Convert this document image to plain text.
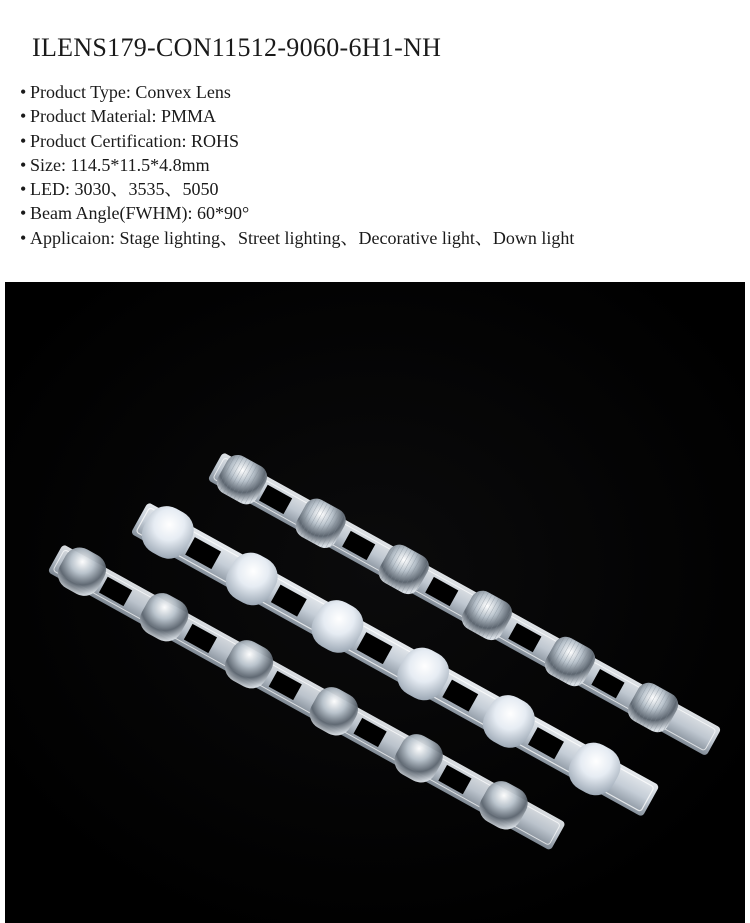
ILENS179-CON11512-9060-6H1-NH
• Product Type: Convex Lens
• Product Material: PMMA
• Product Certification: ROHS
• Size: 114.5*11.5*4.8mm
• LED: 3030、3535、5050
• Beam Angle(FWHM): 60*90°
• Applicaion: Stage lighting、Street lighting、Decorative light、Down light
